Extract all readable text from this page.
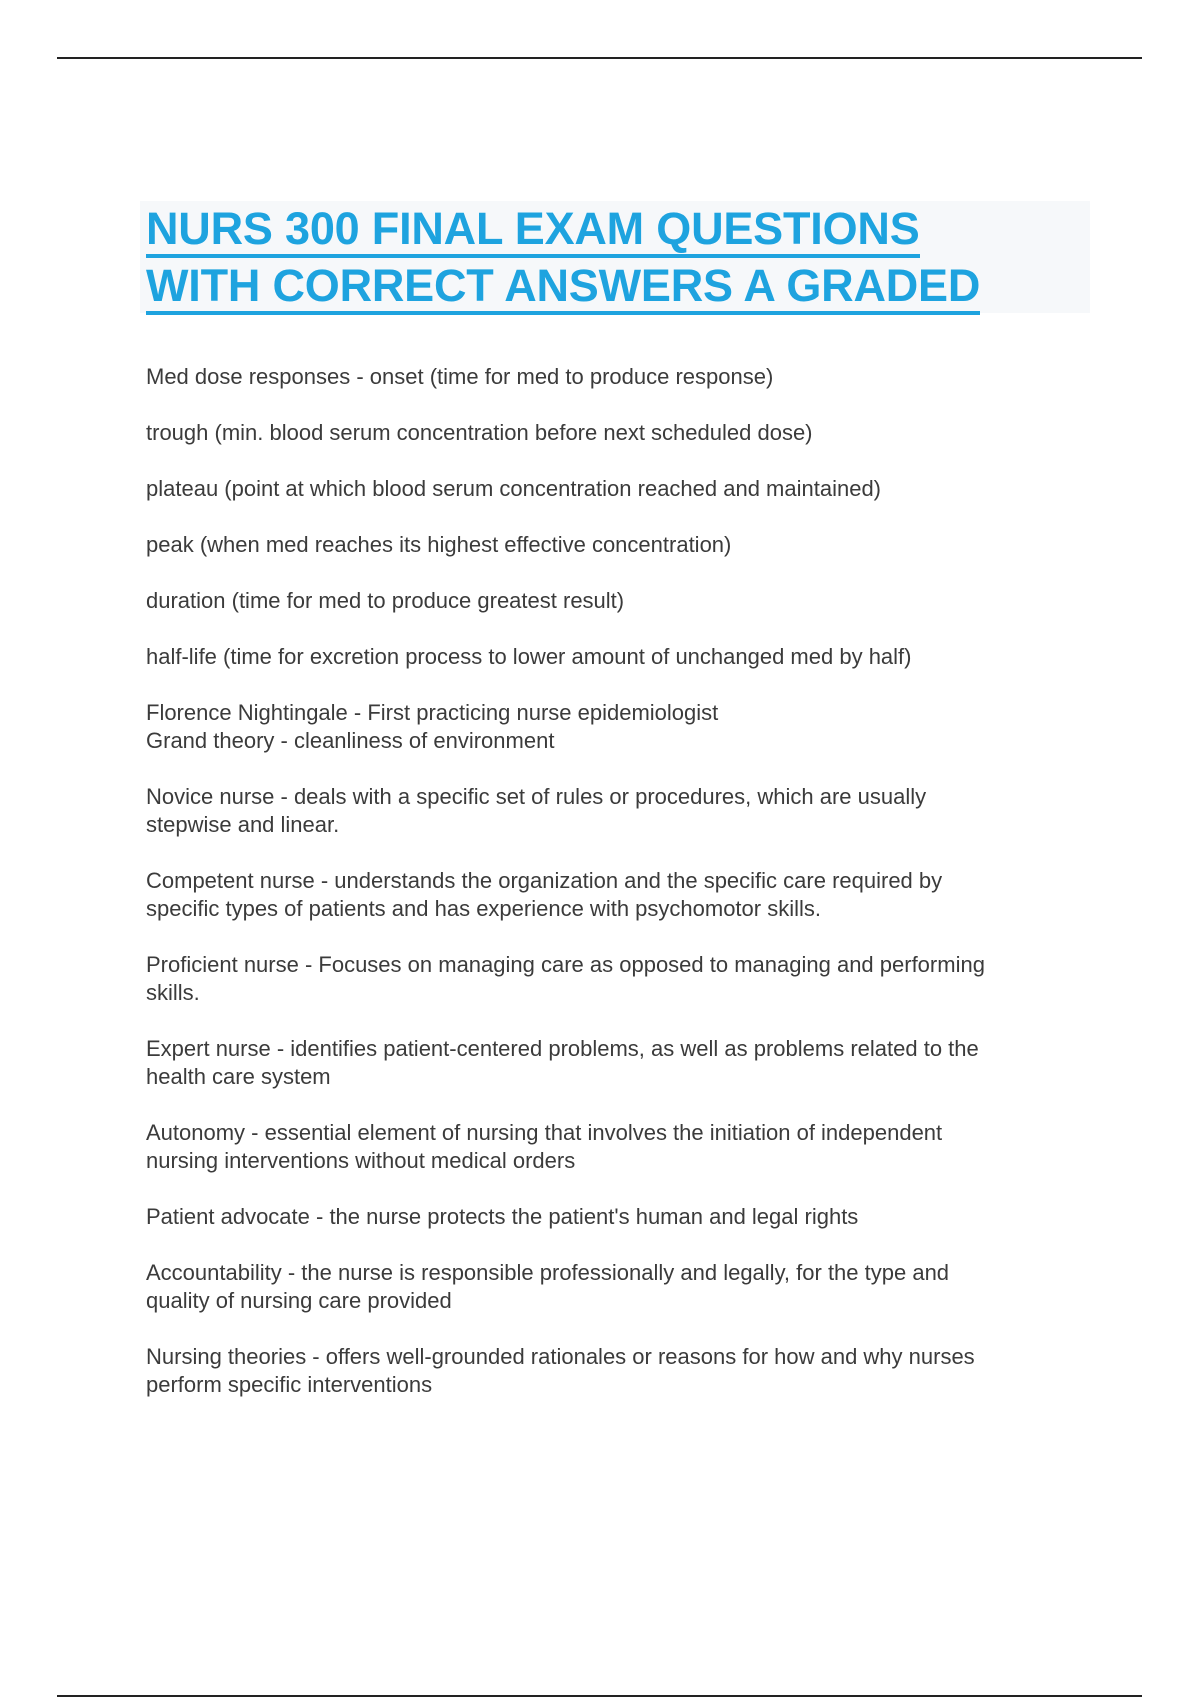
NURS 300 FINAL EXAM QUESTIONS
WITH CORRECT ANSWERS A GRADED
Med dose responses - onset (time for med to produce response)
trough (min. blood serum concentration before next scheduled dose)
plateau (point at which blood serum concentration reached and maintained)
peak (when med reaches its highest effective concentration)
duration (time for med to produce greatest result)
half-life (time for excretion process to lower amount of unchanged med by half)
Florence Nightingale - First practicing nurse epidemiologist
Grand theory - cleanliness of environment
Novice nurse - deals with a specific set of rules or procedures, which are usually
stepwise and linear.
Competent nurse - understands the organization and the specific care required by
specific types of patients and has experience with psychomotor skills.
Proficient nurse - Focuses on managing care as opposed to managing and performing
skills.
Expert nurse - identifies patient-centered problems, as well as problems related to the
health care system
Autonomy - essential element of nursing that involves the initiation of independent
nursing interventions without medical orders
Patient advocate - the nurse protects the patient's human and legal rights
Accountability - the nurse is responsible professionally and legally, for the type and
quality of nursing care provided
Nursing theories - offers well-grounded rationales or reasons for how and why nurses
perform specific interventions
